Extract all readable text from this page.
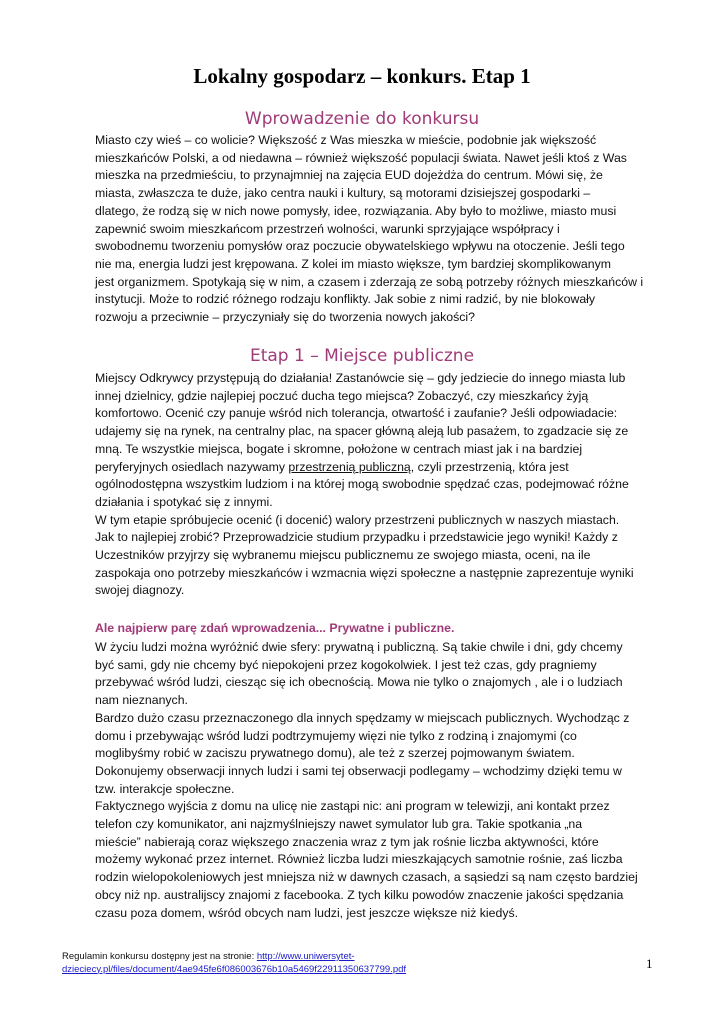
Lokalny gospodarz – konkurs. Etap 1
Wprowadzenie do konkursu
Miasto czy wieś – co wolicie? Większość z Was mieszka w mieście, podobnie jak większość
mieszkańców Polski, a od niedawna – również większość populacji świata. Nawet jeśli ktoś z Was
mieszka na przedmieściu, to przynajmniej na zajęcia EUD dojeżdża do centrum. Mówi się, że
miasta, zwłaszcza te duże, jako centra nauki i kultury, są motorami dzisiejszej gospodarki –
dlatego, że rodzą się w nich nowe pomysły, idee, rozwiązania. Aby było to możliwe, miasto musi
zapewnić swoim mieszkańcom przestrzeń wolności, warunki sprzyjające współpracy i
swobodnemu tworzeniu pomysłów oraz poczucie obywatelskiego wpływu na otoczenie. Jeśli tego
nie ma, energia ludzi jest krępowana. Z kolei im miasto większe, tym bardziej skomplikowanym
jest organizmem. Spotykają się w nim, a czasem i zderzają ze sobą potrzeby różnych mieszkańców i
instytucji. Może to rodzić różnego rodzaju konflikty. Jak sobie z nimi radzić, by nie blokowały
rozwoju a przeciwnie – przyczyniały się do tworzenia nowych jakości?
Etap 1 – Miejsce publiczne
Miejscy Odkrywcy przystępują do działania! Zastanówcie się – gdy jedziecie do innego miasta lub
innej dzielnicy, gdzie najlepiej poczuć ducha tego miejsca? Zobaczyć, czy mieszkańcy żyją
komfortowo. Ocenić czy panuje wśród nich tolerancja, otwartość i zaufanie? Jeśli odpowiadacie:
udajemy się na rynek, na centralny plac, na spacer główną aleją lub pasażem, to zgadzacie się ze
mną. Te wszystkie miejsca, bogate i skromne, położone w centrach miast jak i na bardziej
peryferyjnych osiedlach nazywamy przestrzenią publiczną, czyli przestrzenią, która jest
ogólnodostępna wszystkim ludziom i na której mogą swobodnie spędzać czas, podejmować różne
działania i spotykać się z innymi.
W tym etapie spróbujecie ocenić (i docenić) walory przestrzeni publicznych w naszych miastach.
Jak to najlepiej zrobić? Przeprowadzicie studium przypadku i przedstawicie jego wyniki! Każdy z
Uczestników przyjrzy się wybranemu miejscu publicznemu ze swojego miasta, oceni, na ile
zaspokaja ono potrzeby mieszkańców i wzmacnia więzi społeczne a następnie zaprezentuje wyniki
swojej diagnozy.
Ale najpierw parę zdań wprowadzenia... Prywatne i publiczne.
W życiu ludzi można wyróżnić dwie sfery: prywatną i publiczną. Są takie chwile i dni, gdy chcemy
być sami, gdy nie chcemy być niepokojeni przez kogokolwiek. I jest też czas, gdy pragniemy
przebywać wśród ludzi, ciesząc się ich obecnością. Mowa nie tylko o znajomych , ale i o ludziach
nam nieznanych.
Bardzo dużo czasu przeznaczonego dla innych spędzamy w miejscach publicznych. Wychodząc z
domu i przebywając wśród ludzi podtrzymujemy więzi nie tylko z rodziną i znajomymi (co
moglibyśmy robić w zaciszu prywatnego domu), ale też z szerzej pojmowanym światem.
Dokonujemy obserwacji innych ludzi i sami tej obserwacji podlegamy – wchodzimy dzięki temu w
tzw. interakcje społeczne.
Faktycznego wyjścia z domu na ulicę nie zastąpi nic: ani program w telewizji, ani kontakt przez
telefon czy komunikator, ani najzmyślniejszy nawet symulator lub gra. Takie spotkania „na
mieście” nabierają coraz większego znaczenia wraz z tym jak rośnie liczba aktywności, które
możemy wykonać przez internet. Również liczba ludzi mieszkających samotnie rośnie, zaś liczba
rodzin wielopokoleniowych jest mniejsza niż w dawnych czasach, a sąsiedzi są nam często bardziej
obcy niż np. australijscy znajomi z facebooka. Z tych kilku powodów znaczenie jakości spędzania
czasu poza domem, wśród obcych nam ludzi, jest jeszcze większe niż kiedyś.
Regulamin konkursu dostępny jest na stronie: http://www.uniwersytet-
dzieciecy.pl/files/document/4ae945fe6f086003676b10a5469f22911350637799.pdf	1
